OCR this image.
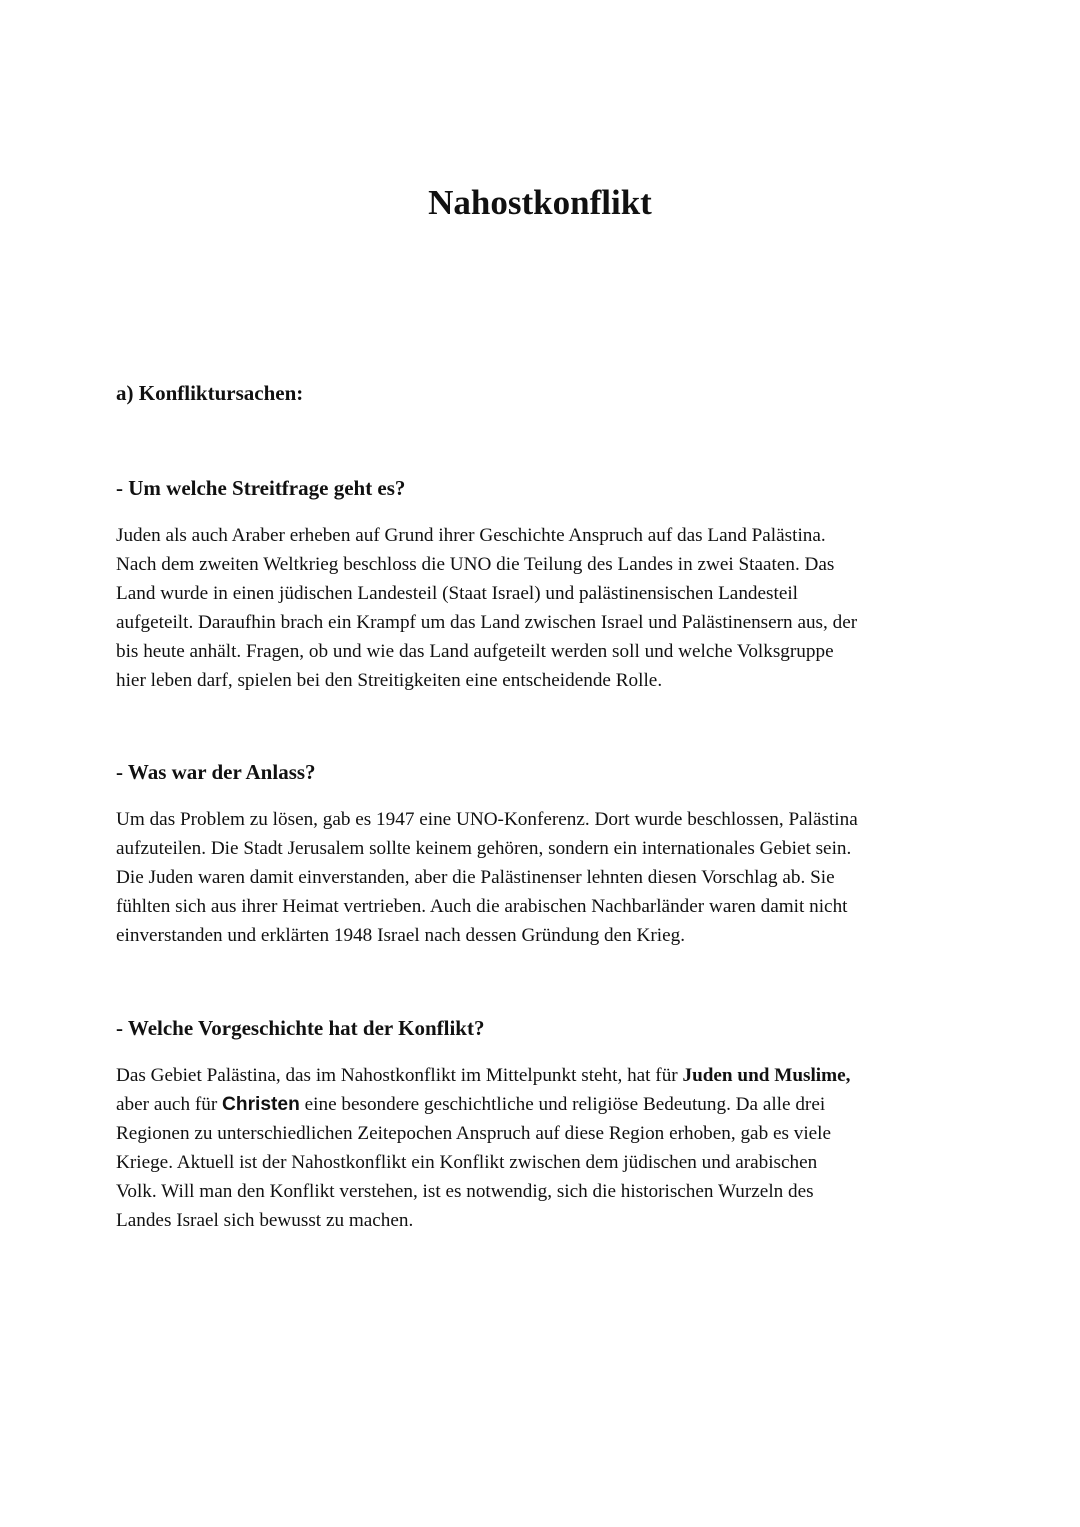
Nahostkonflikt
a) Konfliktursachen:
- Um welche Streitfrage geht es?

Juden als auch Araber erheben auf Grund ihrer Geschichte Anspruch auf das Land Palästina.
Nach dem zweiten Weltkrieg beschloss die UNO die Teilung des Landes in zwei Staaten. Das
Land wurde in einen jüdischen Landesteil (Staat Israel) und palästinensischen Landesteil
aufgeteilt. Daraufhin brach ein Krampf um das Land zwischen Israel und Palästinensern aus, der
bis heute anhält. Fragen, ob und wie das Land aufgeteilt werden soll und welche Volksgruppe
hier leben darf, spielen bei den Streitigkeiten eine entscheidende Rolle.

- Was war der Anlass?

Um das Problem zu lösen, gab es 1947 eine UNO-Konferenz. Dort wurde beschlossen, Palästina
aufzuteilen. Die Stadt Jerusalem sollte keinem gehören, sondern ein internationales Gebiet sein.
Die Juden waren damit einverstanden, aber die Palästinenser lehnten diesen Vorschlag ab. Sie
fühlten sich aus ihrer Heimat vertrieben. Auch die arabischen Nachbarländer waren damit nicht
einverstanden und erklärten 1948 Israel nach dessen Gründung den Krieg.

- Welche Vorgeschichte hat der Konflikt?

Das Gebiet Palästina, das im Nahostkonflikt im Mittelpunkt steht, hat für Juden und Muslime,
aber auch für Christen eine besondere geschichtliche und religiöse Bedeutung. Da alle drei
Regionen zu unterschiedlichen Zeitepochen Anspruch auf diese Region erhoben, gab es viele
Kriege. Aktuell ist der Nahostkonflikt ein Konflikt zwischen dem jüdischen und arabischen
Volk. Will man den Konflikt verstehen, ist es notwendig, sich die historischen Wurzeln des
Landes Israel sich bewusst zu machen.
